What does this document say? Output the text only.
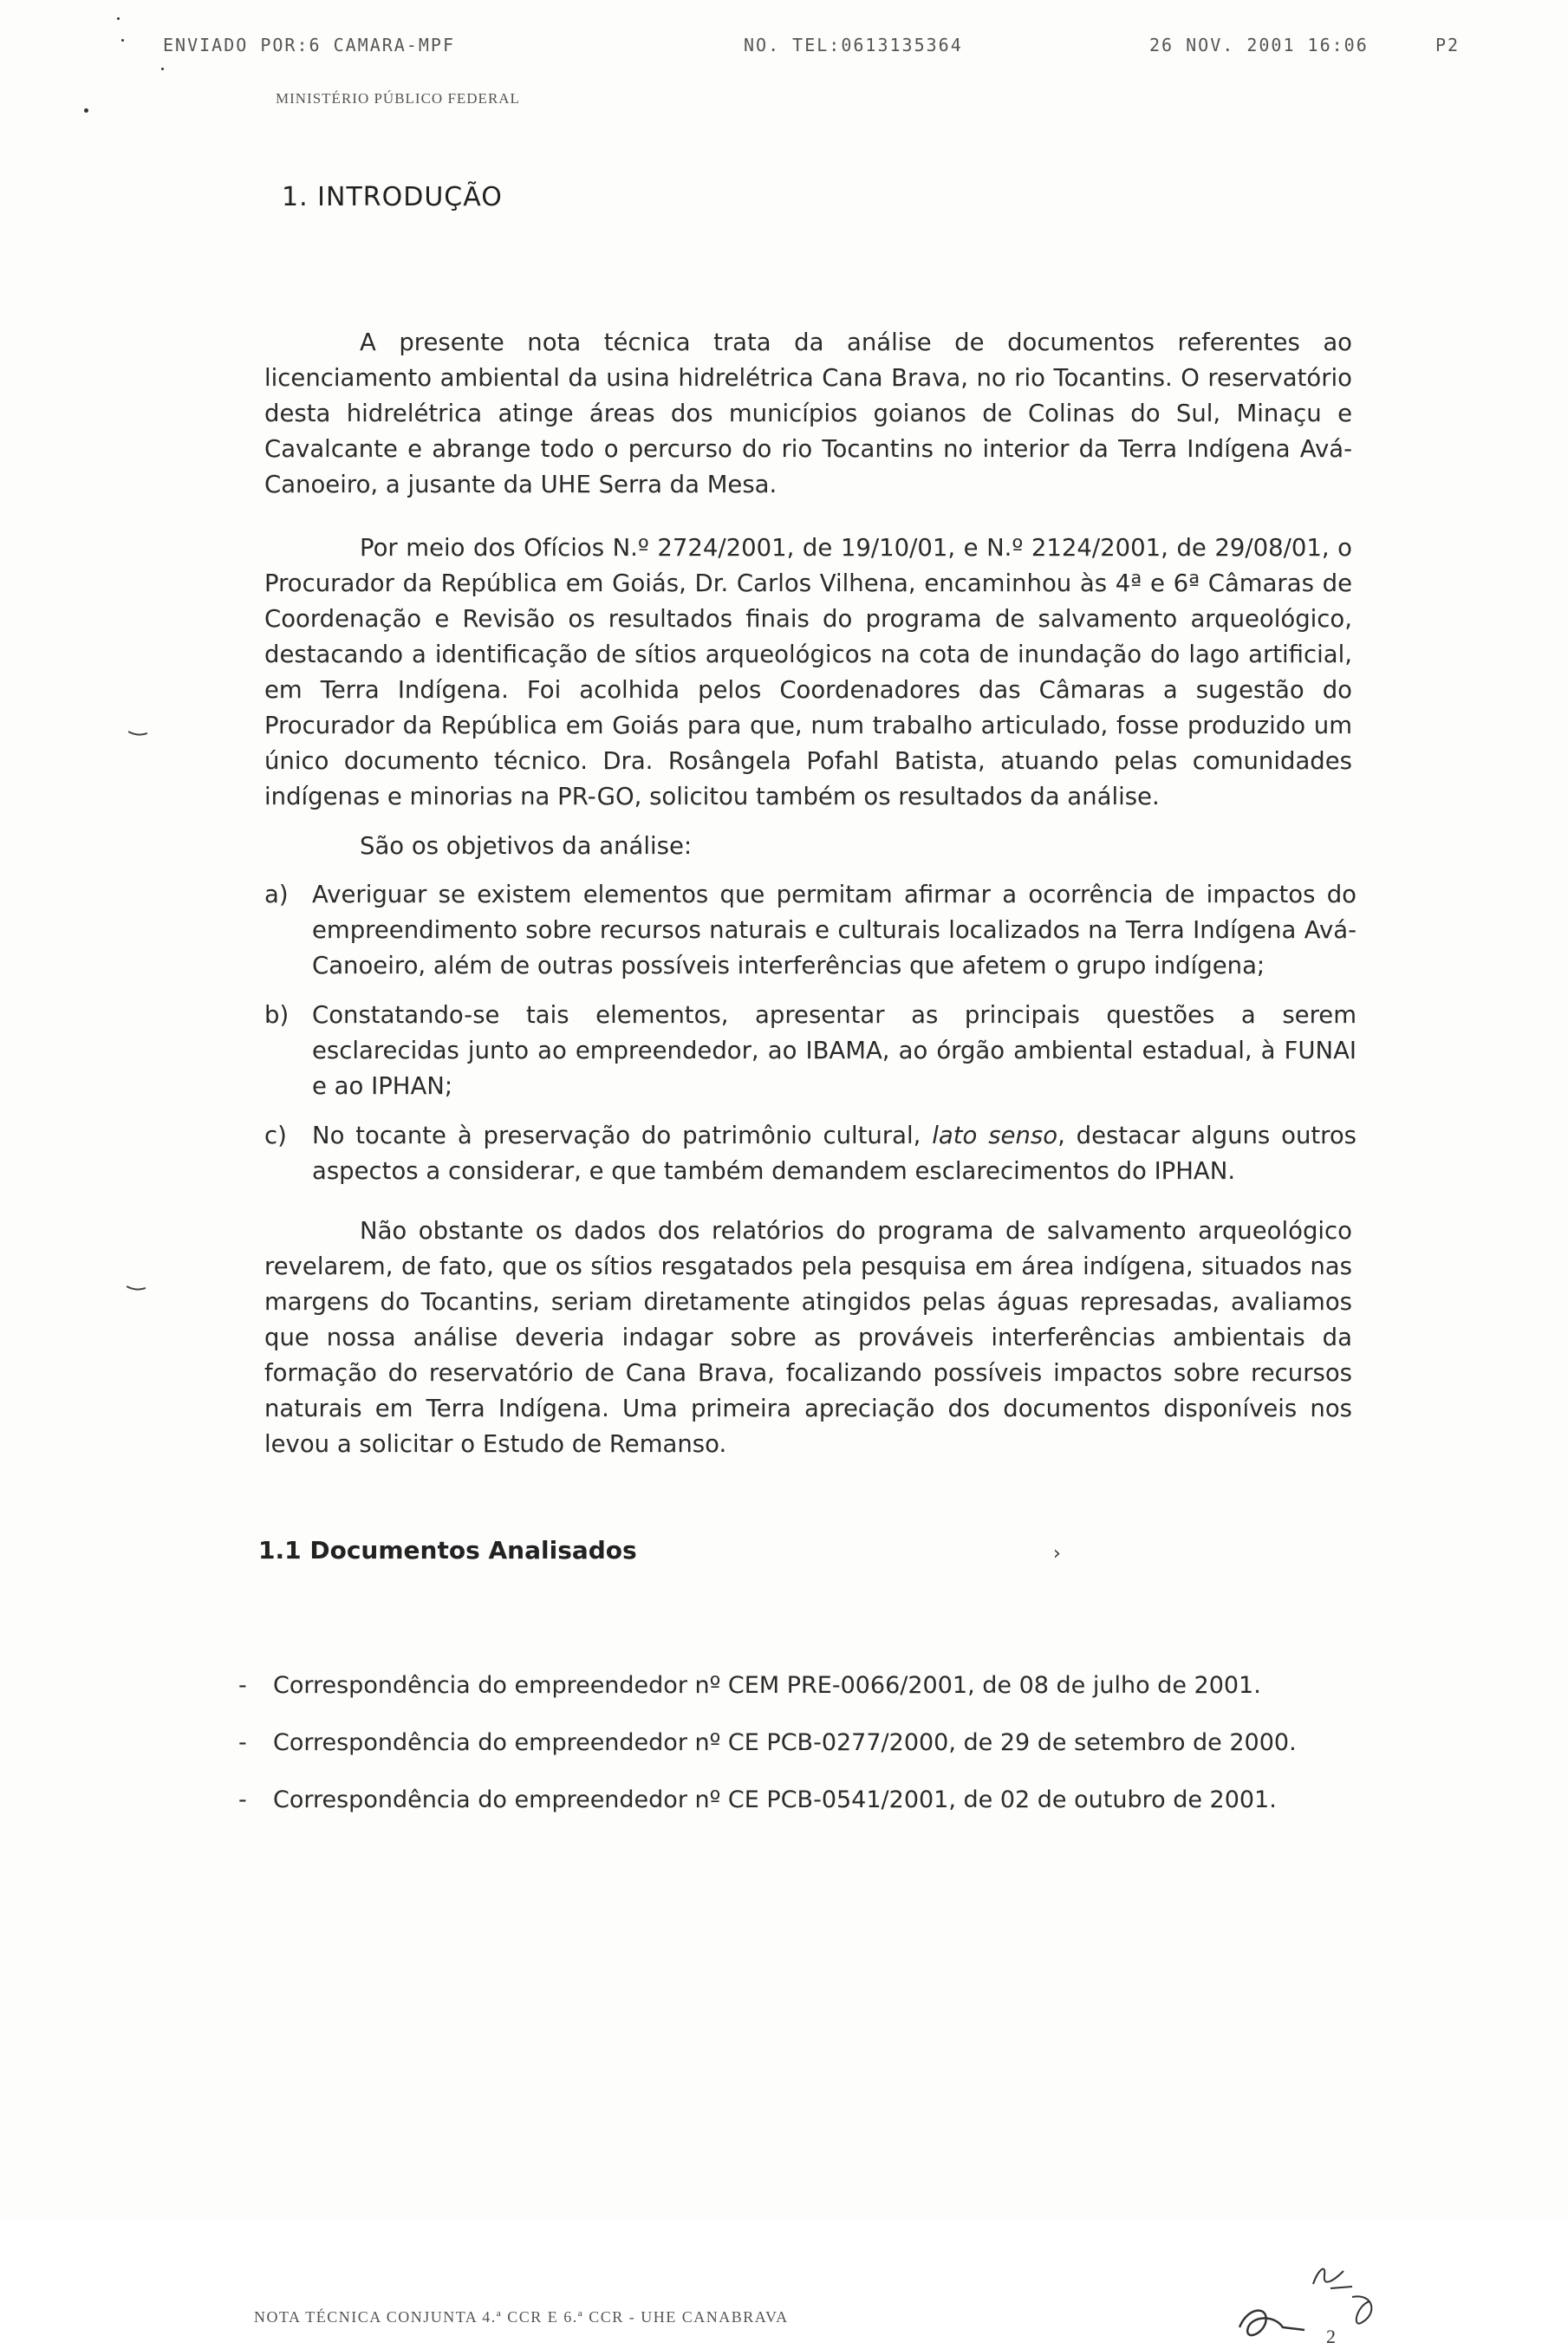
ENVIADO POR:6 CAMARA-MPF	NO. TEL:0613135364	26 NOV. 2001 16:06	P2
MINISTÉRIO PÚBLICO FEDERAL
1. INTRODUÇÃO
A presente nota técnica trata da análise de documentos referentes ao licenciamento ambiental da usina hidrelétrica Cana Brava, no rio Tocantins. O reservatório desta hidrelétrica atinge áreas dos municípios goianos de Colinas do Sul, Minaçu e Cavalcante e abrange todo o percurso do rio Tocantins no interior da Terra Indígena Avá-Canoeiro, a jusante da UHE Serra da Mesa.
Por meio dos Ofícios N.º 2724/2001, de 19/10/01, e N.º 2124/2001, de 29/08/01, o Procurador da República em Goiás, Dr. Carlos Vilhena, encaminhou às 4ª e 6ª Câmaras de Coordenação e Revisão os resultados finais do programa de salvamento arqueológico, destacando a identificação de sítios arqueológicos na cota de inundação do lago artificial, em Terra Indígena. Foi acolhida pelos Coordenadores das Câmaras a sugestão do Procurador da República em Goiás para que, num trabalho articulado, fosse produzido um único documento técnico. Dra. Rosângela Pofahl Batista, atuando pelas comunidades indígenas e minorias na PR-GO, solicitou também os resultados da análise.
São os objetivos da análise:
a) Averiguar se existem elementos que permitam afirmar a ocorrência de impactos do empreendimento sobre recursos naturais e culturais localizados na Terra Indígena Avá-Canoeiro, além de outras possíveis interferências que afetem o grupo indígena;
b) Constatando-se tais elementos, apresentar as principais questões a serem esclarecidas junto ao empreendedor, ao IBAMA, ao órgão ambiental estadual, à FUNAI e ao IPHAN;
c) No tocante à preservação do patrimônio cultural, lato senso, destacar alguns outros aspectos a considerar, e que também demandem esclarecimentos do IPHAN.
Não obstante os dados dos relatórios do programa de salvamento arqueológico revelarem, de fato, que os sítios resgatados pela pesquisa em área indígena, situados nas margens do Tocantins, seriam diretamente atingidos pelas águas represadas, avaliamos que nossa análise deveria indagar sobre as prováveis interferências ambientais da formação do reservatório de Cana Brava, focalizando possíveis impactos sobre recursos naturais em Terra Indígena. Uma primeira apreciação dos documentos disponíveis nos levou a solicitar o Estudo de Remanso.
1.1 Documentos Analisados	›
- Correspondência do empreendedor nº CEM PRE-0066/2001, de 08 de julho de 2001.
- Correspondência do empreendedor nº CE PCB-0277/2000, de 29 de setembro de 2000.
- Correspondência do empreendedor nº CE PCB-0541/2001, de 02 de outubro de 2001.
NOTA TÉCNICA CONJUNTA 4.ª CCR E 6.ª CCR - UHE CANABRAVA
2
